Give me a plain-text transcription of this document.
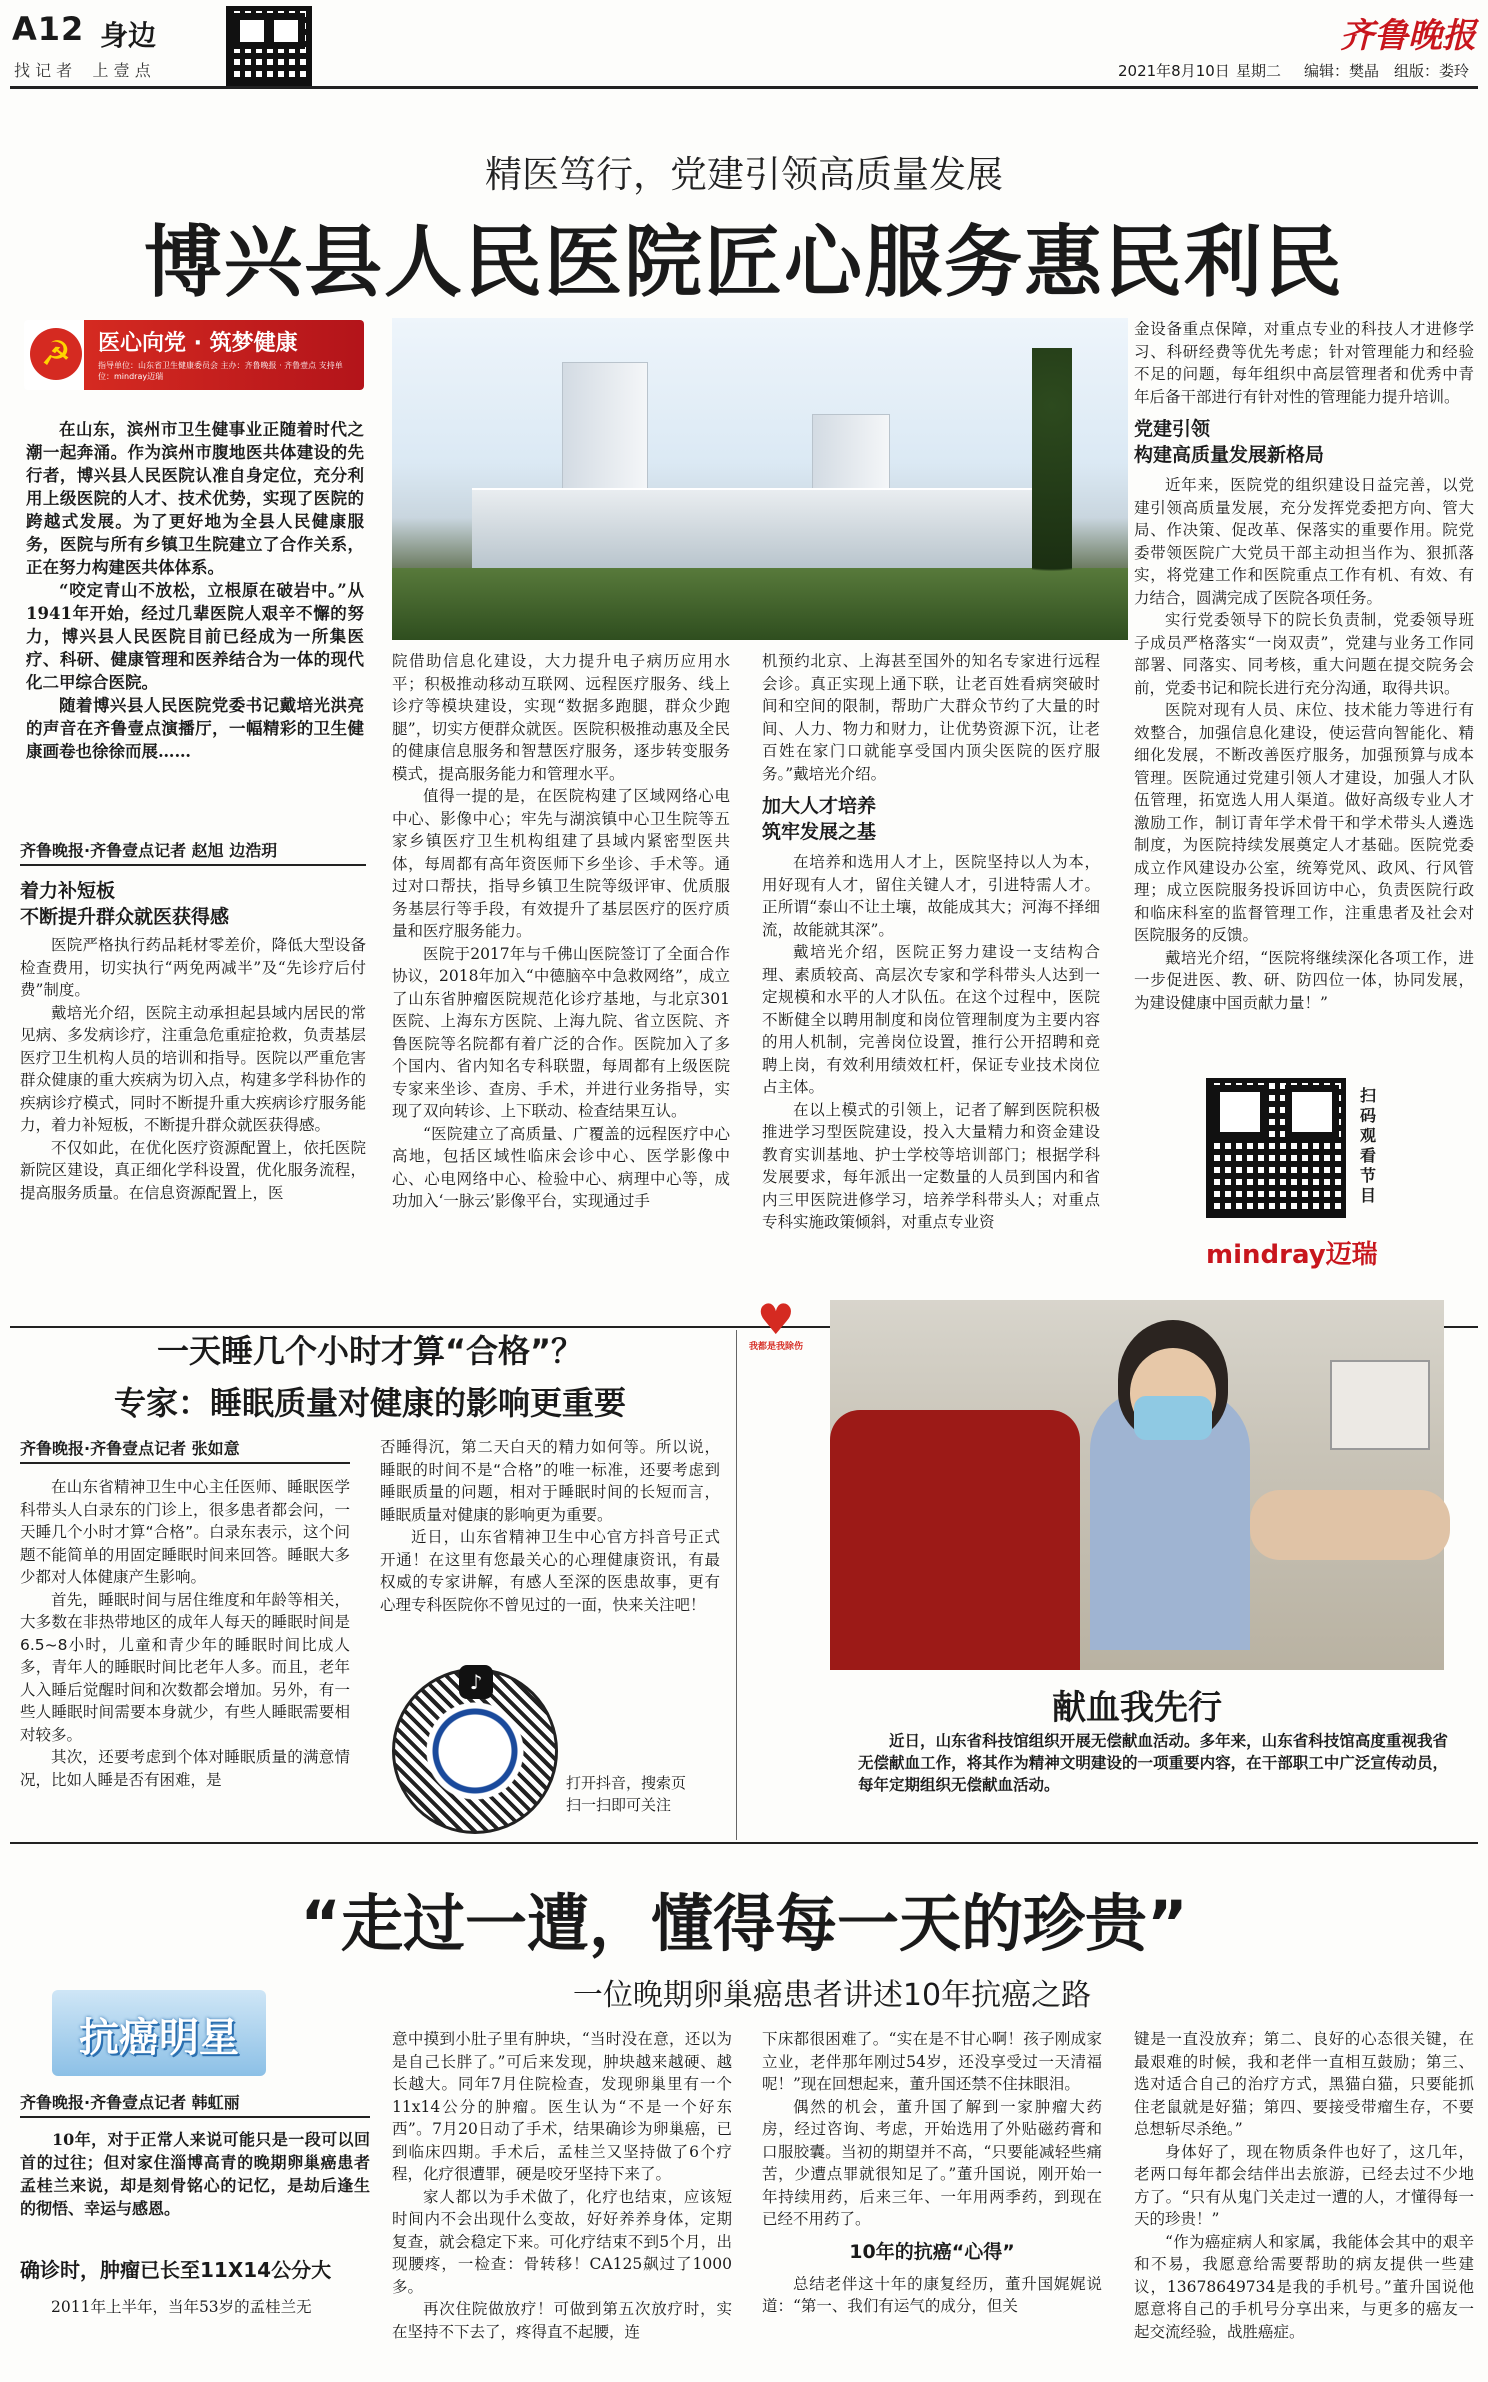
A12 身边
找 记 者    上 壹 点	2021年8月10日 星期二 编辑：樊晶 组版：娄玲
齐鲁晚报
精医笃行，党建引领高质量发展
博兴县人民医院匠心服务惠民利民
☭	医心向党 · 筑梦健康
指导单位：山东省卫生健康委员会 主办：齐鲁晚报 · 齐鲁壹点 支持单位：mindray迈瑞

在山东，滨州市卫生健事业正随着时代之潮一起奔涌。作为滨州市腹地医共体建设的先行者，博兴县人民医院认准自身定位，充分利用上级医院的人才、技术优势，实现了医院的跨越式发展。为了更好地为全县人民健康服务，医院与所有乡镇卫生院建立了合作关系，正在努力构建医共体体系。

“咬定青山不放松，立根原在破岩中。”从1941年开始，经过几辈医院人艰辛不懈的努力，博兴县人民医院目前已经成为一所集医疗、科研、健康管理和医养结合为一体的现代化二甲综合医院。

随着博兴县人民医院党委书记戴培光洪亮的声音在齐鲁壹点演播厅，一幅精彩的卫生健康画卷也徐徐而展……

齐鲁晚报·齐鲁壹点记者 赵旭 边浩玥
着力补短板
不断提升群众就医获得感

医院严格执行药品耗材零差价，降低大型设备检查费用，切实执行“两免两减半”及“先诊疗后付费”制度。

戴培光介绍，医院主动承担起县域内居民的常见病、多发病诊疗，注重急危重症抢救，负责基层医疗卫生机构人员的培训和指导。医院以严重危害群众健康的重大疾病为切入点，构建多学科协作的疾病诊疗模式，同时不断提升重大疾病诊疗服务能力，着力补短板，不断提升群众就医获得感。

不仅如此，在优化医疗资源配置上，依托医院新院区建设，真正细化学科设置，优化服务流程，提高服务质量。在信息资源配置上，医

院借助信息化建设，大力提升电子病历应用水平；积极推动移动互联网、远程医疗服务、线上诊疗等模块建设，实现“数据多跑腿，群众少跑腿”，切实方便群众就医。医院积极推动惠及全民的健康信息服务和智慧医疗服务，逐步转变服务模式，提高服务能力和管理水平。

值得一提的是，在医院构建了区域网络心电中心、影像中心；牢先与湖滨镇中心卫生院等五家乡镇医疗卫生机构组建了县域内紧密型医共体，每周都有高年资医师下乡坐诊、手术等。通过对口帮扶，指导乡镇卫生院等级评审、优质服务基层行等手段，有效提升了基层医疗的医疗质量和医疗服务能力。

医院于2017年与千佛山医院签订了全面合作协议，2018年加入“中德脑卒中急救网络”，成立了山东省肿瘤医院规范化诊疗基地，与北京301医院、上海东方医院、上海九院、省立医院、齐鲁医院等名院都有着广泛的合作。医院加入了多个国内、省内知名专科联盟，每周都有上级医院专家来坐诊、查房、手术，并进行业务指导，实现了双向转诊、上下联动、检查结果互认。

“医院建立了高质量、广覆盖的远程医疗中心高地，包括区域性临床会诊中心、医学影像中心、心电网络中心、检验中心、病理中心等，成功加入‘一脉云’影像平台，实现通过手

机预约北京、上海甚至国外的知名专家进行远程会诊。真正实现上通下联，让老百姓看病突破时间和空间的限制，帮助广大群众节约了大量的时间、人力、物力和财力，让优势资源下沉，让老百姓在家门口就能享受国内顶尖医院的医疗服务。”戴培光介绍。

加大人才培养
筑牢发展之基

在培养和选用人才上，医院坚持以人为本，用好现有人才，留住关键人才，引进特需人才。正所谓“泰山不让土壤，故能成其大；河海不择细流，故能就其深”。

戴培光介绍，医院正努力建设一支结构合理、素质较高、高层次专家和学科带头人达到一定规模和水平的人才队伍。在这个过程中，医院不断健全以聘用制度和岗位管理制度为主要内容的用人机制，完善岗位设置，推行公开招聘和竞聘上岗，有效利用绩效杠杆，保证专业技术岗位占主体。

在以上模式的引领上，记者了解到医院积极推进学习型医院建设，投入大量精力和资金建设教育实训基地、护士学校等培训部门；根据学科发展要求，每年派出一定数量的人员到国内和省内三甲医院进修学习，培养学科带头人；对重点专科实施政策倾斜，对重点专业资

金设备重点保障，对重点专业的科技人才进修学习、科研经费等优先考虑；针对管理能力和经验不足的问题，每年组织中高层管理者和优秀中青年后备干部进行有针对性的管理能力提升培训。

党建引领
构建高质量发展新格局

近年来，医院党的组织建设日益完善，以党建引领高质量发展，充分发挥党委把方向、管大局、作决策、促改革、保落实的重要作用。院党委带领医院广大党员干部主动担当作为、狠抓落实，将党建工作和医院重点工作有机、有效、有力结合，圆满完成了医院各项任务。

实行党委领导下的院长负责制，党委领导班子成员严格落实“一岗双责”，党建与业务工作同部署、同落实、同考核，重大问题在提交院务会前，党委书记和院长进行充分沟通，取得共识。

医院对现有人员、床位、技术能力等进行有效整合，加强信息化建设，使运营向智能化、精细化发展，不断改善医疗服务，加强预算与成本管理。医院通过党建引领人才建设，加强人才队伍管理，拓宽选人用人渠道。做好高级专业人才激励工作，制订青年学术骨干和学术带头人遴选制度，为医院持续发展奠定人才基础。医院党委成立作风建设办公室，统筹党风、政风、行风管理；成立医院服务投诉回访中心，负责医院行政和临床科室的监督管理工作，注重患者及社会对医院服务的反馈。

戴培光介绍，“医院将继续深化各项工作，进一步促进医、教、研、防四位一体，协同发展，为建设健康中国贡献力量！”

扫码观看节目
mindray迈瑞
一天睡几个小时才算“合格”？
专家：睡眠质量对健康的影响更重要
齐鲁晚报·齐鲁壹点记者 张如意

在山东省精神卫生中心主任医师、睡眠医学科带头人白录东的门诊上，很多患者都会问，一天睡几个小时才算“合格”。白录东表示，这个问题不能简单的用固定睡眠时间来回答。睡眠大多少都对人体健康产生影响。

首先，睡眠时间与居住维度和年龄等相关，大多数在非热带地区的成年人每天的睡眠时间是6.5~8小时，儿童和青少年的睡眠时间比成人多，青年人的睡眠时间比老年人多。而且，老年人入睡后觉醒时间和次数都会增加。另外，有一些人睡眠时间需要本身就少，有些人睡眠需要相对较多。

其次，还要考虑到个体对睡眠质量的满意情况，比如人睡是否有困难，是

否睡得沉，第二天白天的精力如何等。所以说，睡眠的时间不是“合格”的唯一标准，还要考虑到睡眠质量的问题，相对于睡眠时间的长短而言，睡眠质量对健康的影响更为重要。

近日，山东省精神卫生中心官方抖音号正式开通！在这里有您最关心的心理健康资讯，有最权威的专家讲解，有感人至深的医患故事，更有心理专科医院你不曾见过的一面，快来关注吧！

♪
打开抖音，搜索页
扫一扫即可关注
♥
我都是我除伤
献血我先行

近日，山东省科技馆组织开展无偿献血活动。多年来，山东省科技馆高度重视我省无偿献血工作，将其作为精神文明建设的一项重要内容，在干部职工中广泛宣传动员，每年定期组织无偿献血活动。

“走过一遭，懂得每一天的珍贵”
一位晚期卵巢癌患者讲述10年抗癌之路
抗癌明星
齐鲁晚报·齐鲁壹点记者 韩虹丽

10年，对于正常人来说可能只是一段可以回首的过往；但对家住淄博高青的晚期卵巢癌患者孟桂兰来说，却是刻骨铭心的记忆，是劫后逢生的彻悟、幸运与感恩。

确诊时，肿瘤已长至11X14公分大

2011年上半年，当年53岁的孟桂兰无

意中摸到小肚子里有肿块，“当时没在意，还以为是自己长胖了。”可后来发现，肿块越来越硬、越长越大。同年7月住院检查，发现卵巢里有一个11x14公分的肿瘤。医生认为“不是一个好东西”。7月20日动了手术，结果确诊为卵巢癌，已到临床四期。手术后，孟桂兰又坚持做了6个疗程，化疗很遭罪，硬是咬牙坚持下来了。

家人都以为手术做了，化疗也结束，应该短时间内不会出现什么变故，好好养养身体，定期复查，就会稳定下来。可化疗结束不到5个月，出现腰疼，一检查：骨转移！CA125飙过了1000多。

再次住院做放疗！可做到第五次放疗时，实在坚持不下去了，疼得直不起腰，连

下床都很困难了。“实在是不甘心啊！孩子刚成家立业，老伴那年刚过54岁，还没享受过一天清福呢！”现在回想起来，董升国还禁不住抹眼泪。

偶然的机会，董升国了解到一家肿瘤大药房，经过咨询、考虑，开始选用了外贴磁药膏和口服胶囊。当初的期望并不高，“只要能减轻些痛苦，少遭点罪就很知足了。”董升国说，刚开始一年持续用药，后来三年、一年用两季药，到现在已经不用药了。

10年的抗癌“心得”

总结老伴这十年的康复经历，董升国娓娓说道：“第一、我们有运气的成分，但关

键是一直没放弃；第二、良好的心态很关键，在最艰难的时候，我和老伴一直相互鼓励；第三、选对适合自己的治疗方式，黑猫白猫，只要能抓住老鼠就是好猫；第四、要接受带瘤生存，不要总想斩尽杀绝。”

身体好了，现在物质条件也好了，这几年，老两口每年都会结伴出去旅游，已经去过不少地方了。“只有从鬼门关走过一遭的人，才懂得每一天的珍贵！”

“作为癌症病人和家属，我能体会其中的艰辛和不易，我愿意给需要帮助的病友提供一些建议，13678649734是我的手机号。”董升国说他愿意将自己的手机号分享出来，与更多的癌友一起交流经验，战胜癌症。
